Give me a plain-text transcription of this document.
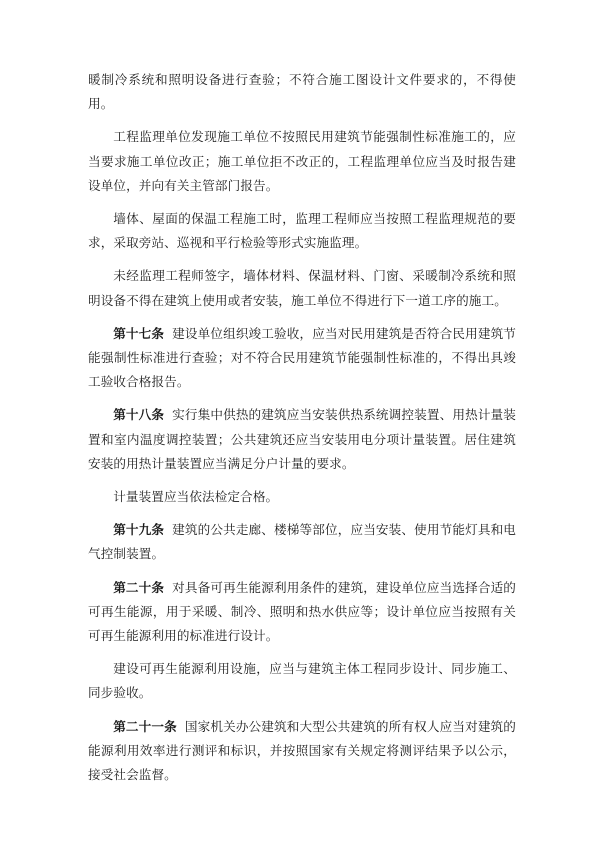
暖制冷系统和照明设备进行查验；不符合施工图设计文件要求的，不得使用。

工程监理单位发现施工单位不按照民用建筑节能强制性标准施工的，应当要求施工单位改正；施工单位拒不改正的，工程监理单位应当及时报告建设单位，并向有关主管部门报告。

墙体、屋面的保温工程施工时，监理工程师应当按照工程监理规范的要求，采取旁站、巡视和平行检验等形式实施监理。

未经监理工程师签字，墙体材料、保温材料、门窗、采暖制冷系统和照明设备不得在建筑上使用或者安装，施工单位不得进行下一道工序的施工。

第十七条 建设单位组织竣工验收，应当对民用建筑是否符合民用建筑节能强制性标准进行查验；对不符合民用建筑节能强制性标准的，不得出具竣工验收合格报告。

第十八条 实行集中供热的建筑应当安装供热系统调控装置、用热计量装置和室内温度调控装置；公共建筑还应当安装用电分项计量装置。居住建筑安装的用热计量装置应当满足分户计量的要求。

计量装置应当依法检定合格。

第十九条 建筑的公共走廊、楼梯等部位，应当安装、使用节能灯具和电气控制装置。

第二十条 对具备可再生能源利用条件的建筑，建设单位应当选择合适的可再生能源，用于采暖、制冷、照明和热水供应等；设计单位应当按照有关可再生能源利用的标准进行设计。

建设可再生能源利用设施，应当与建筑主体工程同步设计、同步施工、同步验收。

第二十一条 国家机关办公建筑和大型公共建筑的所有权人应当对建筑的能源利用效率进行测评和标识，并按照国家有关规定将测评结果予以公示，接受社会监督。
